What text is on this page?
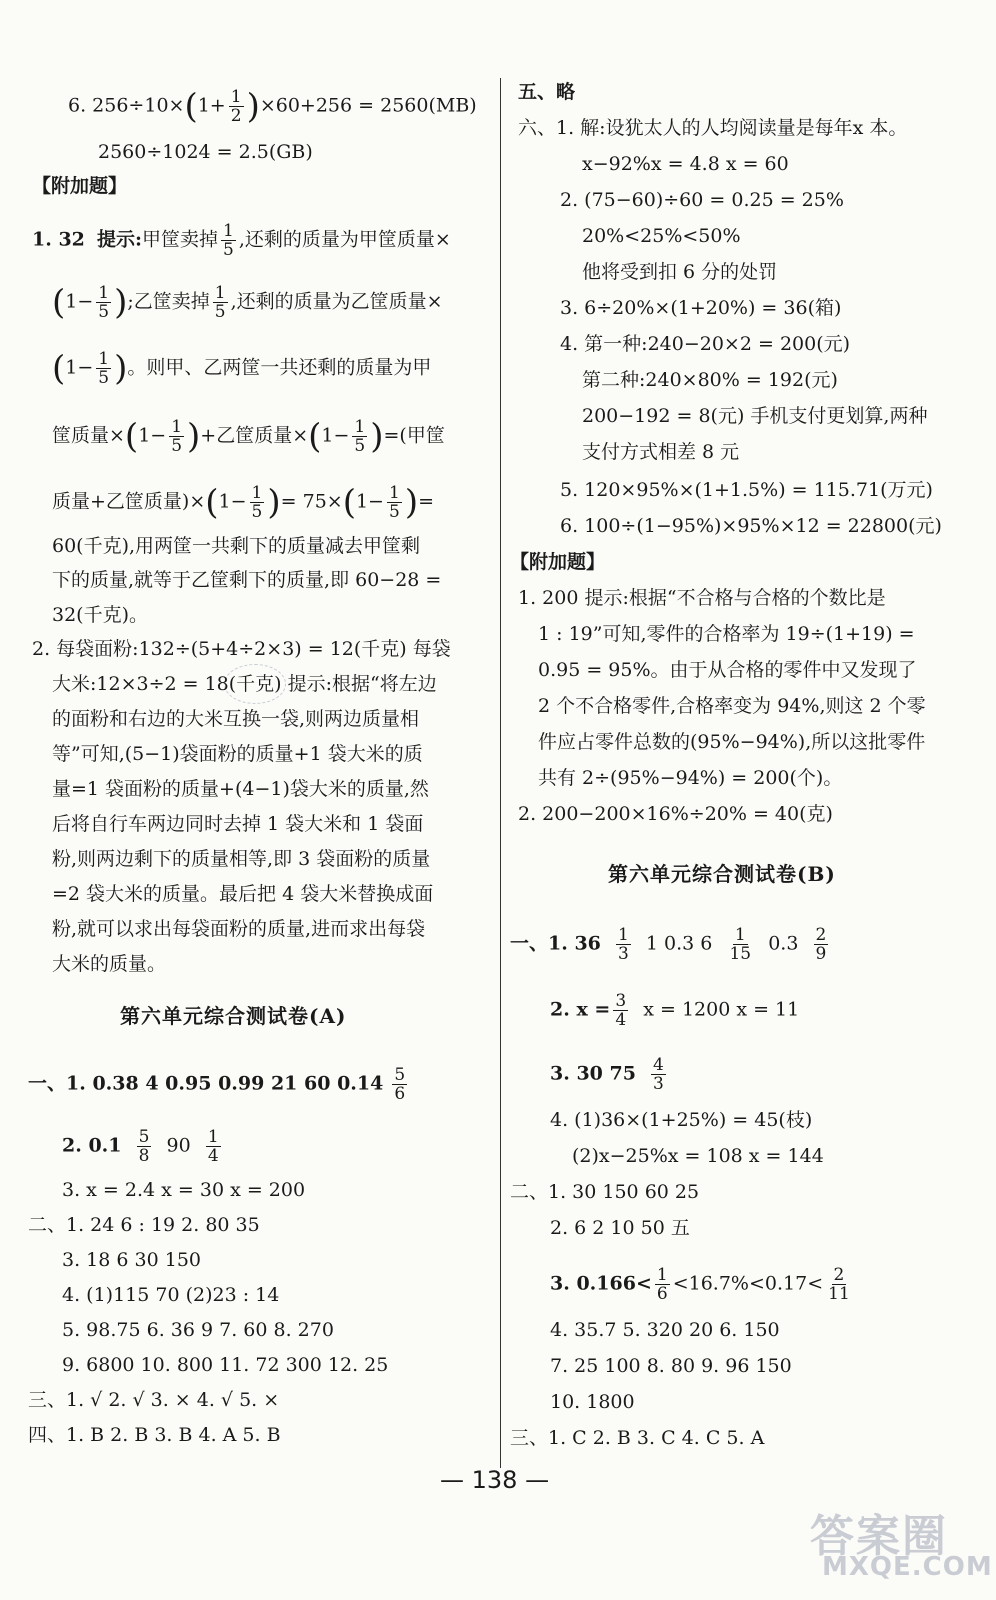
6. $256\div 10\times(1+ \frac{1}{2} )\times 60+256 = 2560(MB)$
2560÷1024 = 2.5(GB)
【附加题】
1. 32 提示:甲筐卖掉 $\frac{1}{5}$ ,还剩的质量为甲筐质量×
($1- \frac{1}{5}$ );乙筐卖掉 $\frac{1}{5}$ ,还剩的质量为乙筐质量×
($1- \frac{1}{5}$ )。则甲、乙两筐一共还剩的质量为甲
筐质量$\times(1- \frac{1}{5}$ )+乙筐质量$\times(1- \frac{1}{5}$ )=(甲筐
质量+乙筐质量)$\times(1- \frac{1}{5}$ )= $75\times(1- \frac{1}{5}$ )=
60(千克),用两筐一共剩下的质量减去甲筐剩
下的质量,就等于乙筐剩下的质量,即 60−28 =
32(千克)。
2. 每袋面粉:132÷(5+4÷2×3) = 12(千克) 每袋
大米:12×3÷2 = 18(千克) 提示:根据“将左边
的面粉和右边的大米互换一袋,则两边质量相
等”可知,(5−1)袋面粉的质量+1 袋大米的质
量=1 袋面粉的质量+(4−1)袋大米的质量,然
后将自行车两边同时去掉 1 袋大米和 1 袋面
粉,则两边剩下的质量相等,即 3 袋面粉的质量
=2 袋大米的质量。最后把 4 袋大米替换成面
粉,就可以求出每袋面粉的质量,进而求出每袋
大米的质量。
第六单元综合测试卷(A)
一、1. 0.38 4 0.95 0.99 21 60 $0.14 \frac{5}{6}$
2. $0.1 \frac{5}{8} 90 \frac{1}{4}$
3. x = 2.4 x = 30 x = 200
二、1. 24 6 : 19 2. 80 35
3. 18 6 30 150
4. (1)115 70 (2)23 : 14
5. 98.75 6. 36 9 7. 60 8. 270
9. 6800 10. 800 11. 72 300 12. 25
三、1. √ 2. √ 3. × 4. √ 5. ×
四、1. B 2. B 3. B 4. A 5. B
五、略
六、1. 解:设犹太人的人均阅读量是每年x 本。
x−92%x = 4.8 x = 60
2. (75−60)÷60 = 0.25 = 25%
20%<25%<50%
他将受到扣 6 分的处罚
3. 6÷20%×(1+20%) = 36(箱)
4. 第一种:240−20×2 = 200(元)
第二种:240×80% = 192(元)
200−192 = 8(元) 手机支付更划算,两种
支付方式相差 8 元
5. 120×95%×(1+1.5%) = 115.71(万元)
6. 100÷(1−95%)×95%×12 = 22800(元)
【附加题】
1. 200 提示:根据“不合格与合格的个数比是
1 : 19”可知,零件的合格率为 19÷(1+19) =
0.95 = 95%。由于从合格的零件中又发现了
2 个不合格零件,合格率变为 94%,则这 2 个零
件应占零件总数的(95%−94%),所以这批零件
共有 2÷(95%−94%) = 200(个)。
2. 200−200×16%÷20% = 40(克)
第六单元综合测试卷(B)
一、1. $36 \frac{1}{3} 1$ 0.3 $6 \frac{1}{15} 0.3 \frac{2}{9}$
2. $x = \frac{3}{4}$ x = 1200 x = 11
3. 30 $75 \frac{4}{3}$
4. (1)36×(1+25%) = 45(枝)
(2)x−25%x = 108 x = 144
二、1. 30 150 60 25
2. 6 2 10 50 五
3. $0.166< \frac{1}{6} <16.7\%<0.17< \frac{2}{11}$
4. 35.7 5. 320 20 6. 150
7. 25 100 8. 80 9. 96 150
10. 1800
三、1. C 2. B 3. C 4. C 5. A
— 138 —
答案圈
MXQE.COM
